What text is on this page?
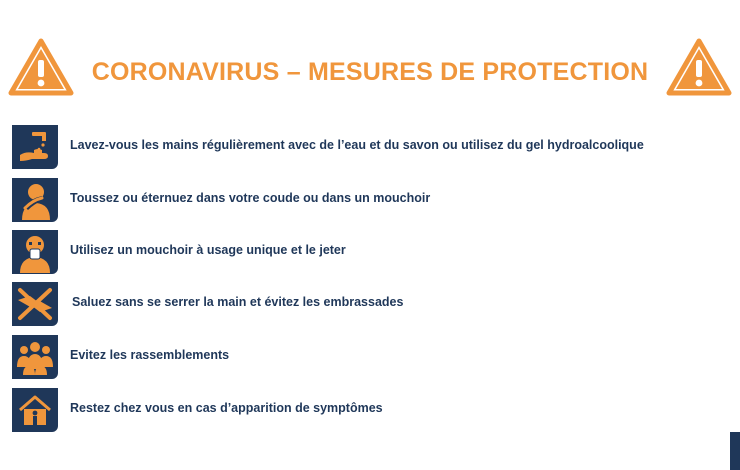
CORONAVIRUS – MESURES DE PROTECTION
Lavez-vous les mains régulièrement avec de l’eau et du savon ou utilisez du gel hydroalcoolique
Toussez ou éternuez dans votre coude ou dans un mouchoir
Utilisez un mouchoir à usage unique et le jeter
Saluez sans se serrer la main et évitez les embrassades
Evitez les rassemblements
Restez chez vous en cas d’apparition de symptômes
